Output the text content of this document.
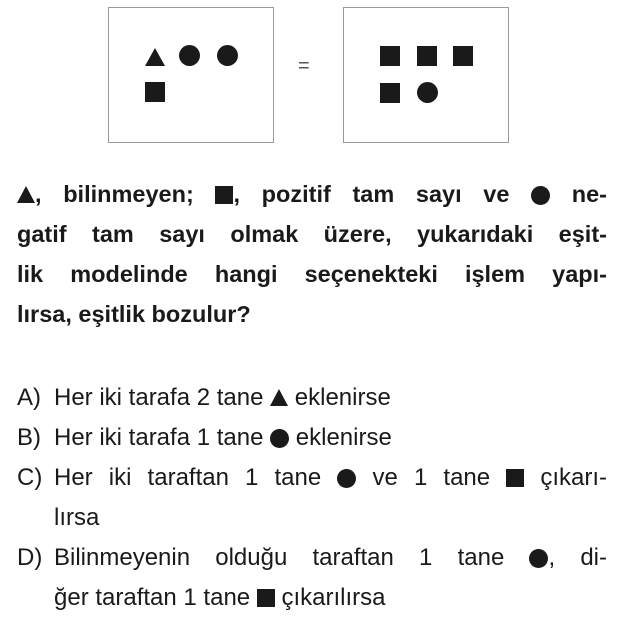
=
, bilinmeyen; , pozitif tam sayı ve  ne-
gatif tam sayı olmak üzere, yukarıdaki eşit-
lik modelinde hangi seçenekteki işlem yapı-
lırsa, eşitlik bozulur?
A) Her iki tarafa 2 tane eklenirse
B) Her iki tarafa 1 tane eklenirse
C) Her iki taraftan 1 tane ve 1 tane çıkarı-
lırsa
D) Bilinmeyenin olduğu taraftan 1 tane , di-
ğer taraftan 1 tane çıkarılırsa
